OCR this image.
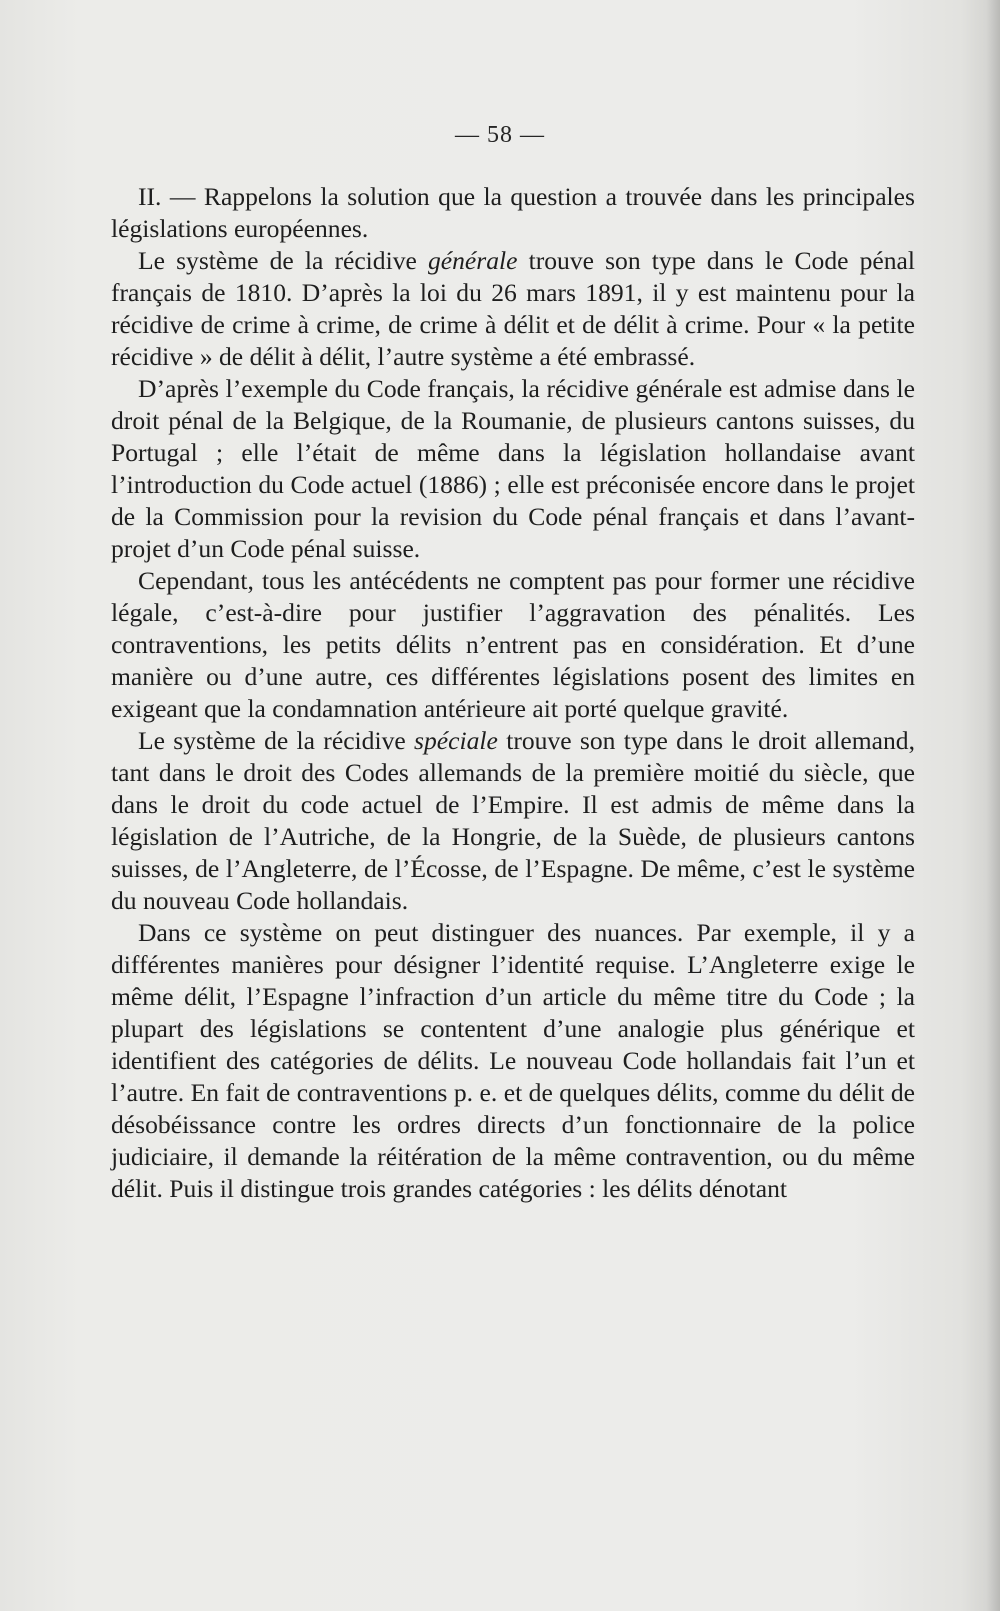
— 58 —

II. — Rappelons la solution que la question a trouvée dans les principales législations européennes.

Le système de la récidive générale trouve son type dans le Code pénal français de 1810. D’après la loi du 26 mars 1891, il y est maintenu pour la récidive de crime à crime, de crime à délit et de délit à crime. Pour « la petite récidive » de délit à délit, l’autre système a été embrassé.

D’après l’exemple du Code français, la récidive générale est admise dans le droit pénal de la Belgique, de la Roumanie, de plusieurs cantons suisses, du Portugal ; elle l’était de même dans la législation hollandaise avant l’introduction du Code actuel (1886) ; elle est préconisée encore dans le projet de la Commission pour la revision du Code pénal français et dans l’avant-projet d’un Code pénal suisse.

Cependant, tous les antécédents ne comptent pas pour former une récidive légale, c’est-à-dire pour justifier l’aggravation des pénalités. Les contraventions, les petits délits n’entrent pas en considération. Et d’une manière ou d’une autre, ces différentes législations posent des limites en exigeant que la condamnation antérieure ait porté quelque gravité.

Le système de la récidive spéciale trouve son type dans le droit allemand, tant dans le droit des Codes allemands de la première moitié du siècle, que dans le droit du code actuel de l’Empire. Il est admis de même dans la législation de l’Autriche, de la Hongrie, de la Suède, de plusieurs cantons suisses, de l’Angleterre, de l’Écosse, de l’Espagne. De même, c’est le système du nouveau Code hollandais.

Dans ce système on peut distinguer des nuances. Par exemple, il y a différentes manières pour désigner l’identité requise. L’Angleterre exige le même délit, l’Espagne l’infraction d’un article du même titre du Code ; la plupart des législations se contentent d’une analogie plus générique et identifient des catégories de délits. Le nouveau Code hollandais fait l’un et l’autre. En fait de contraventions p. e. et de quelques délits, comme du délit de désobéissance contre les ordres directs d’un fonctionnaire de la police judiciaire, il demande la réitération de la même contravention, ou du même délit. Puis il distingue trois grandes catégories : les délits dénotant
